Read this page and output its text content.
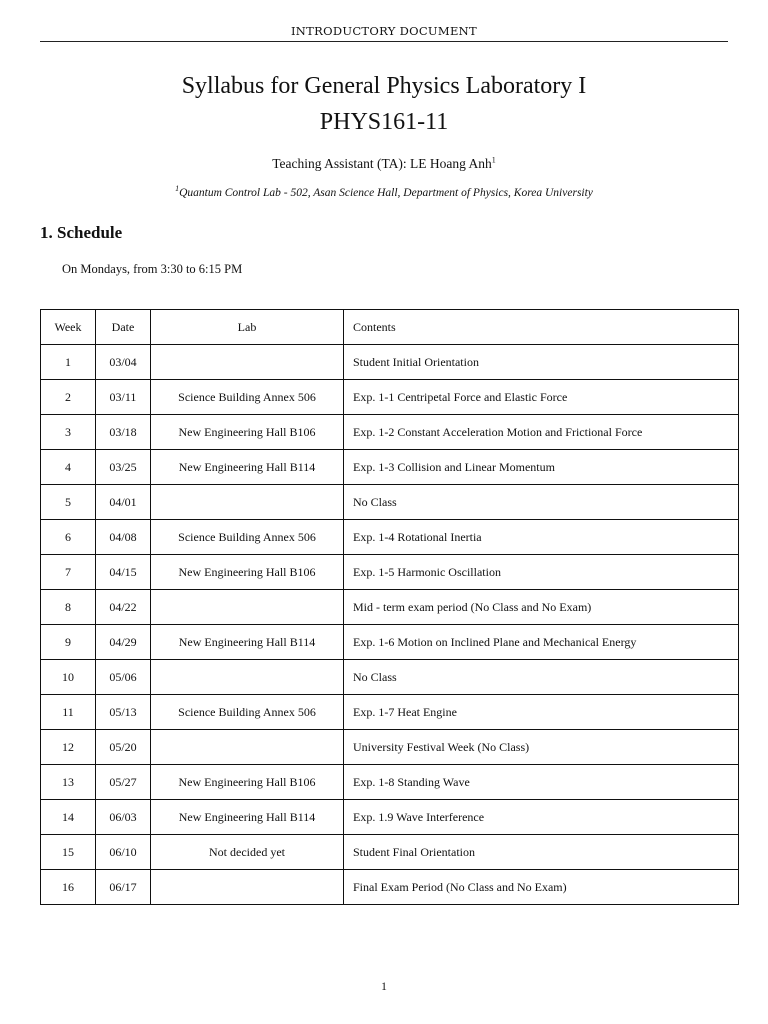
INTRODUCTORY DOCUMENT
Syllabus for General Physics Laboratory I
PHYS161-11
Teaching Assistant (TA): LE Hoang Anh$^1$
$^1$Quantum Control Lab - 502, Asan Science Hall, Department of Physics, Korea University
1. Schedule
On Mondays, from 3:30 to 6:15 PM
Week	Date	Lab	Contents
1	03/04		Student Initial Orientation
2	03/11	Science Building Annex 506	Exp. 1-1 Centripetal Force and Elastic Force
3	03/18	New Engineering Hall B106	Exp. 1-2 Constant Acceleration Motion and Frictional Force
4	03/25	New Engineering Hall B114	Exp. 1-3 Collision and Linear Momentum
5	04/01		No Class
6	04/08	Science Building Annex 506	Exp. 1-4 Rotational Inertia
7	04/15	New Engineering Hall B106	Exp. 1-5 Harmonic Oscillation
8	04/22		Mid - term exam period (No Class and No Exam)
9	04/29	New Engineering Hall B114	Exp. 1-6 Motion on Inclined Plane and Mechanical Energy
10	05/06		No Class
11	05/13	Science Building Annex 506	Exp. 1-7 Heat Engine
12	05/20		University Festival Week (No Class)
13	05/27	New Engineering Hall B106	Exp. 1-8 Standing Wave
14	06/03	New Engineering Hall B114	Exp. 1.9 Wave Interference
15	06/10	Not decided yet	Student Final Orientation
16	06/17		Final Exam Period (No Class and No Exam)
1
